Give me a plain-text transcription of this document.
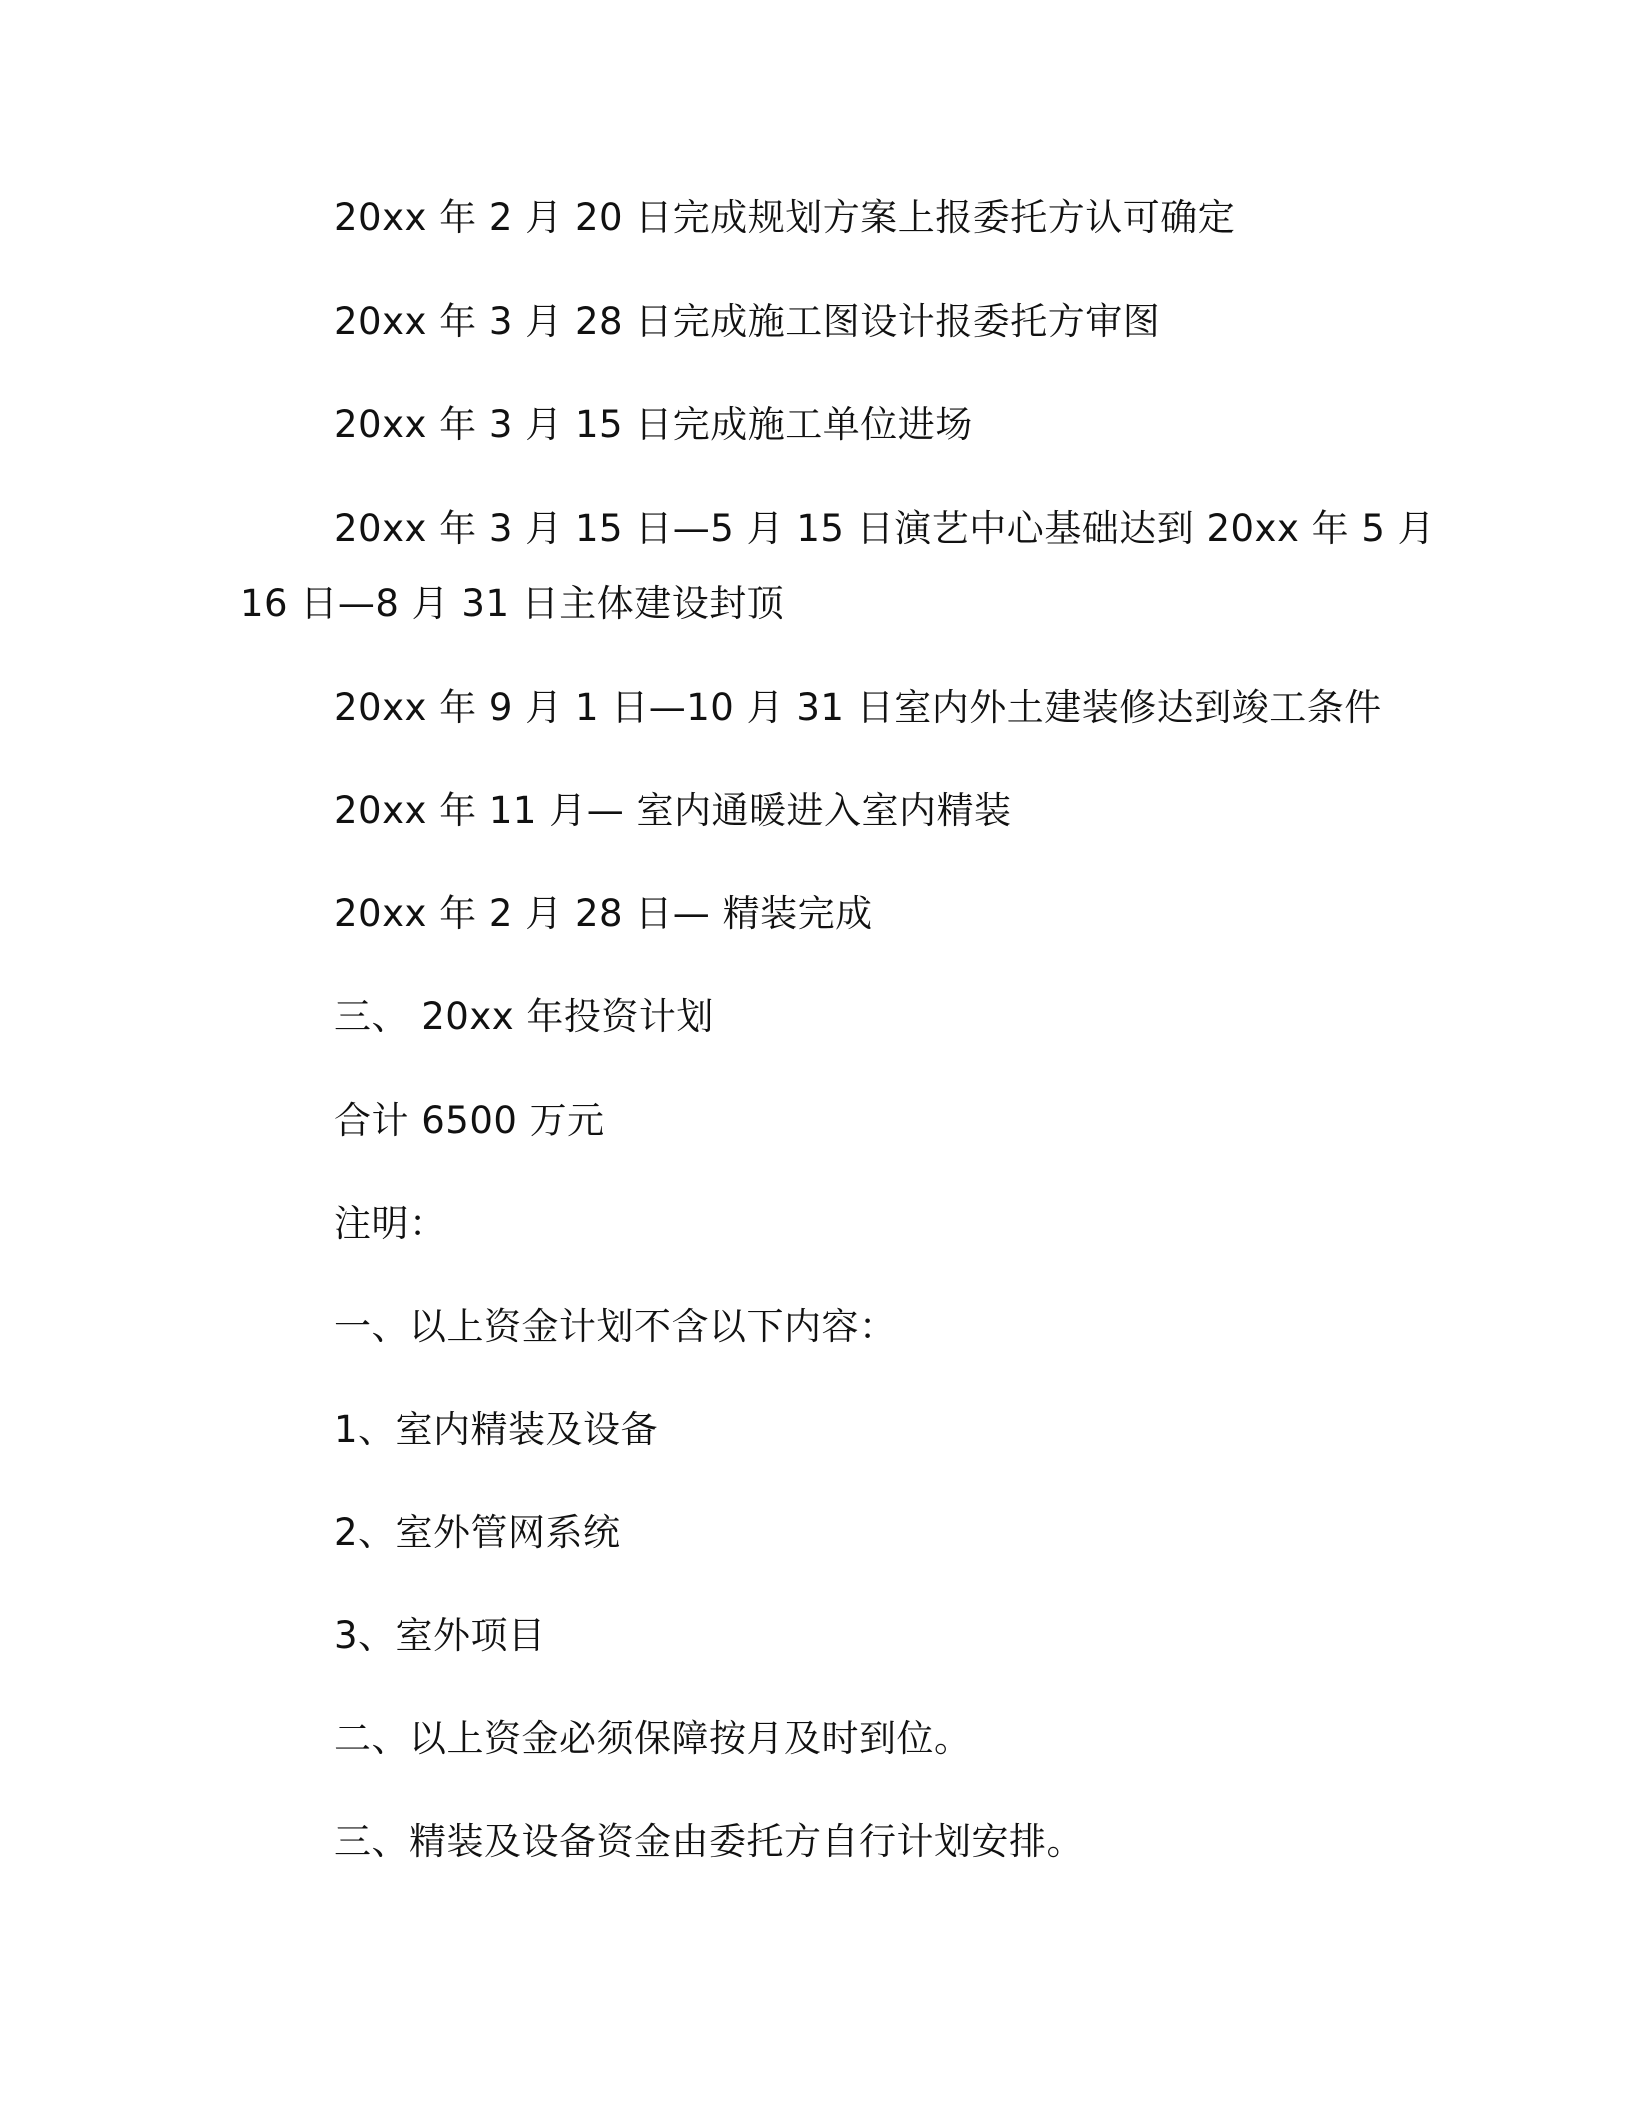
20xx 年 2 月 20 日完成规划方案上报委托方认可确定
20xx 年 3 月 28 日完成施工图设计报委托方审图
20xx 年 3 月 15 日完成施工单位进场
20xx 年 3 月 15 日—5 月 15 日演艺中心基础达到 20xx 年 5 月
16 日—8 月 31 日主体建设封顶
20xx 年 9 月 1 日—10 月 31 日室内外土建装修达到竣工条件
20xx 年 11 月— 室内通暖进入室内精装
20xx 年 2 月 28 日— 精装完成
三、 20xx 年投资计划
合计 6500 万元
注明：
一、以上资金计划不含以下内容：
1、室内精装及设备
2、室外管网系统
3、室外项目
二、以上资金必须保障按月及时到位。
三、精装及设备资金由委托方自行计划安排。
